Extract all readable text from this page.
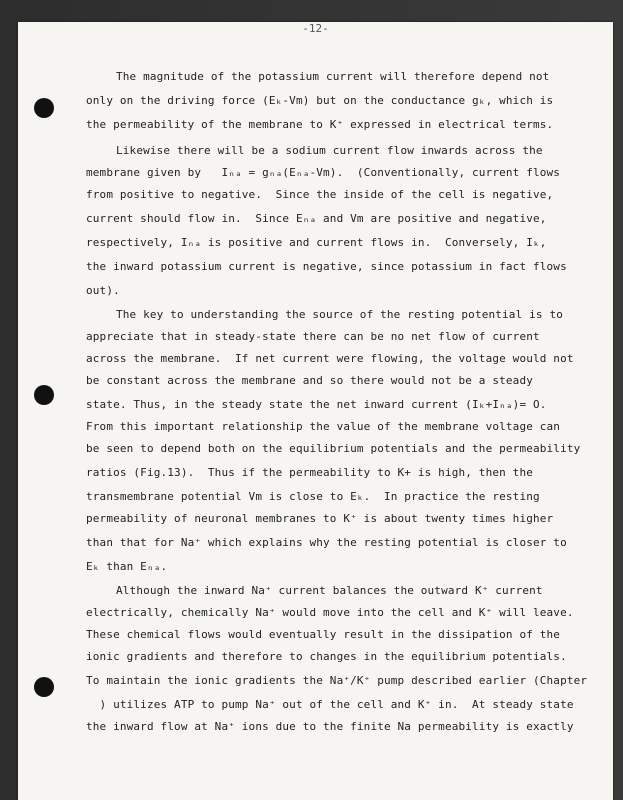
-12-
The magnitude of the potassium current will therefore depend not
only on the driving force (Eₖ-Vm) but on the conductance gₖ, which is
the permeability of the membrane to K⁺ expressed in electrical terms.
Likewise there will be a sodium current flow inwards across the
membrane given by   Iₙₐ = gₙₐ(Eₙₐ-Vm).  (Conventionally, current flows
from positive to negative.  Since the inside of the cell is negative,
current should flow in.  Since Eₙₐ and Vm are positive and negative,
respectively, Iₙₐ is positive and current flows in.  Conversely, Iₖ,
the inward potassium current is negative, since potassium in fact flows
out).
The key to understanding the source of the resting potential is to
appreciate that in steady-state there can be no net flow of current
across the membrane.  If net current were flowing, the voltage would not
be constant across the membrane and so there would not be a steady
state. Thus, in the steady state the net inward current (Iₖ+Iₙₐ)= O.
From this important relationship the value of the membrane voltage can
be seen to depend both on the equilibrium potentials and the permeability
ratios (Fig.13).  Thus if the permeability to K+ is high, then the
transmembrane potential Vm is close to Eₖ.  In practice the resting
permeability of neuronal membranes to K⁺ is about twenty times higher
than that for Na⁺ which explains why the resting potential is closer to
Eₖ than Eₙₐ.
Although the inward Na⁺ current balances the outward K⁺ current
electrically, chemically Na⁺ would move into the cell and K⁺ will leave.
These chemical flows would eventually result in the dissipation of the
ionic gradients and therefore to changes in the equilibrium potentials.
To maintain the ionic gradients the Na⁺/K⁺ pump described earlier (Chapter
) utilizes ATP to pump Na⁺ out of the cell and K⁺ in.  At steady state
the inward flow at Na⁺ ions due to the finite Na permeability is exactly
